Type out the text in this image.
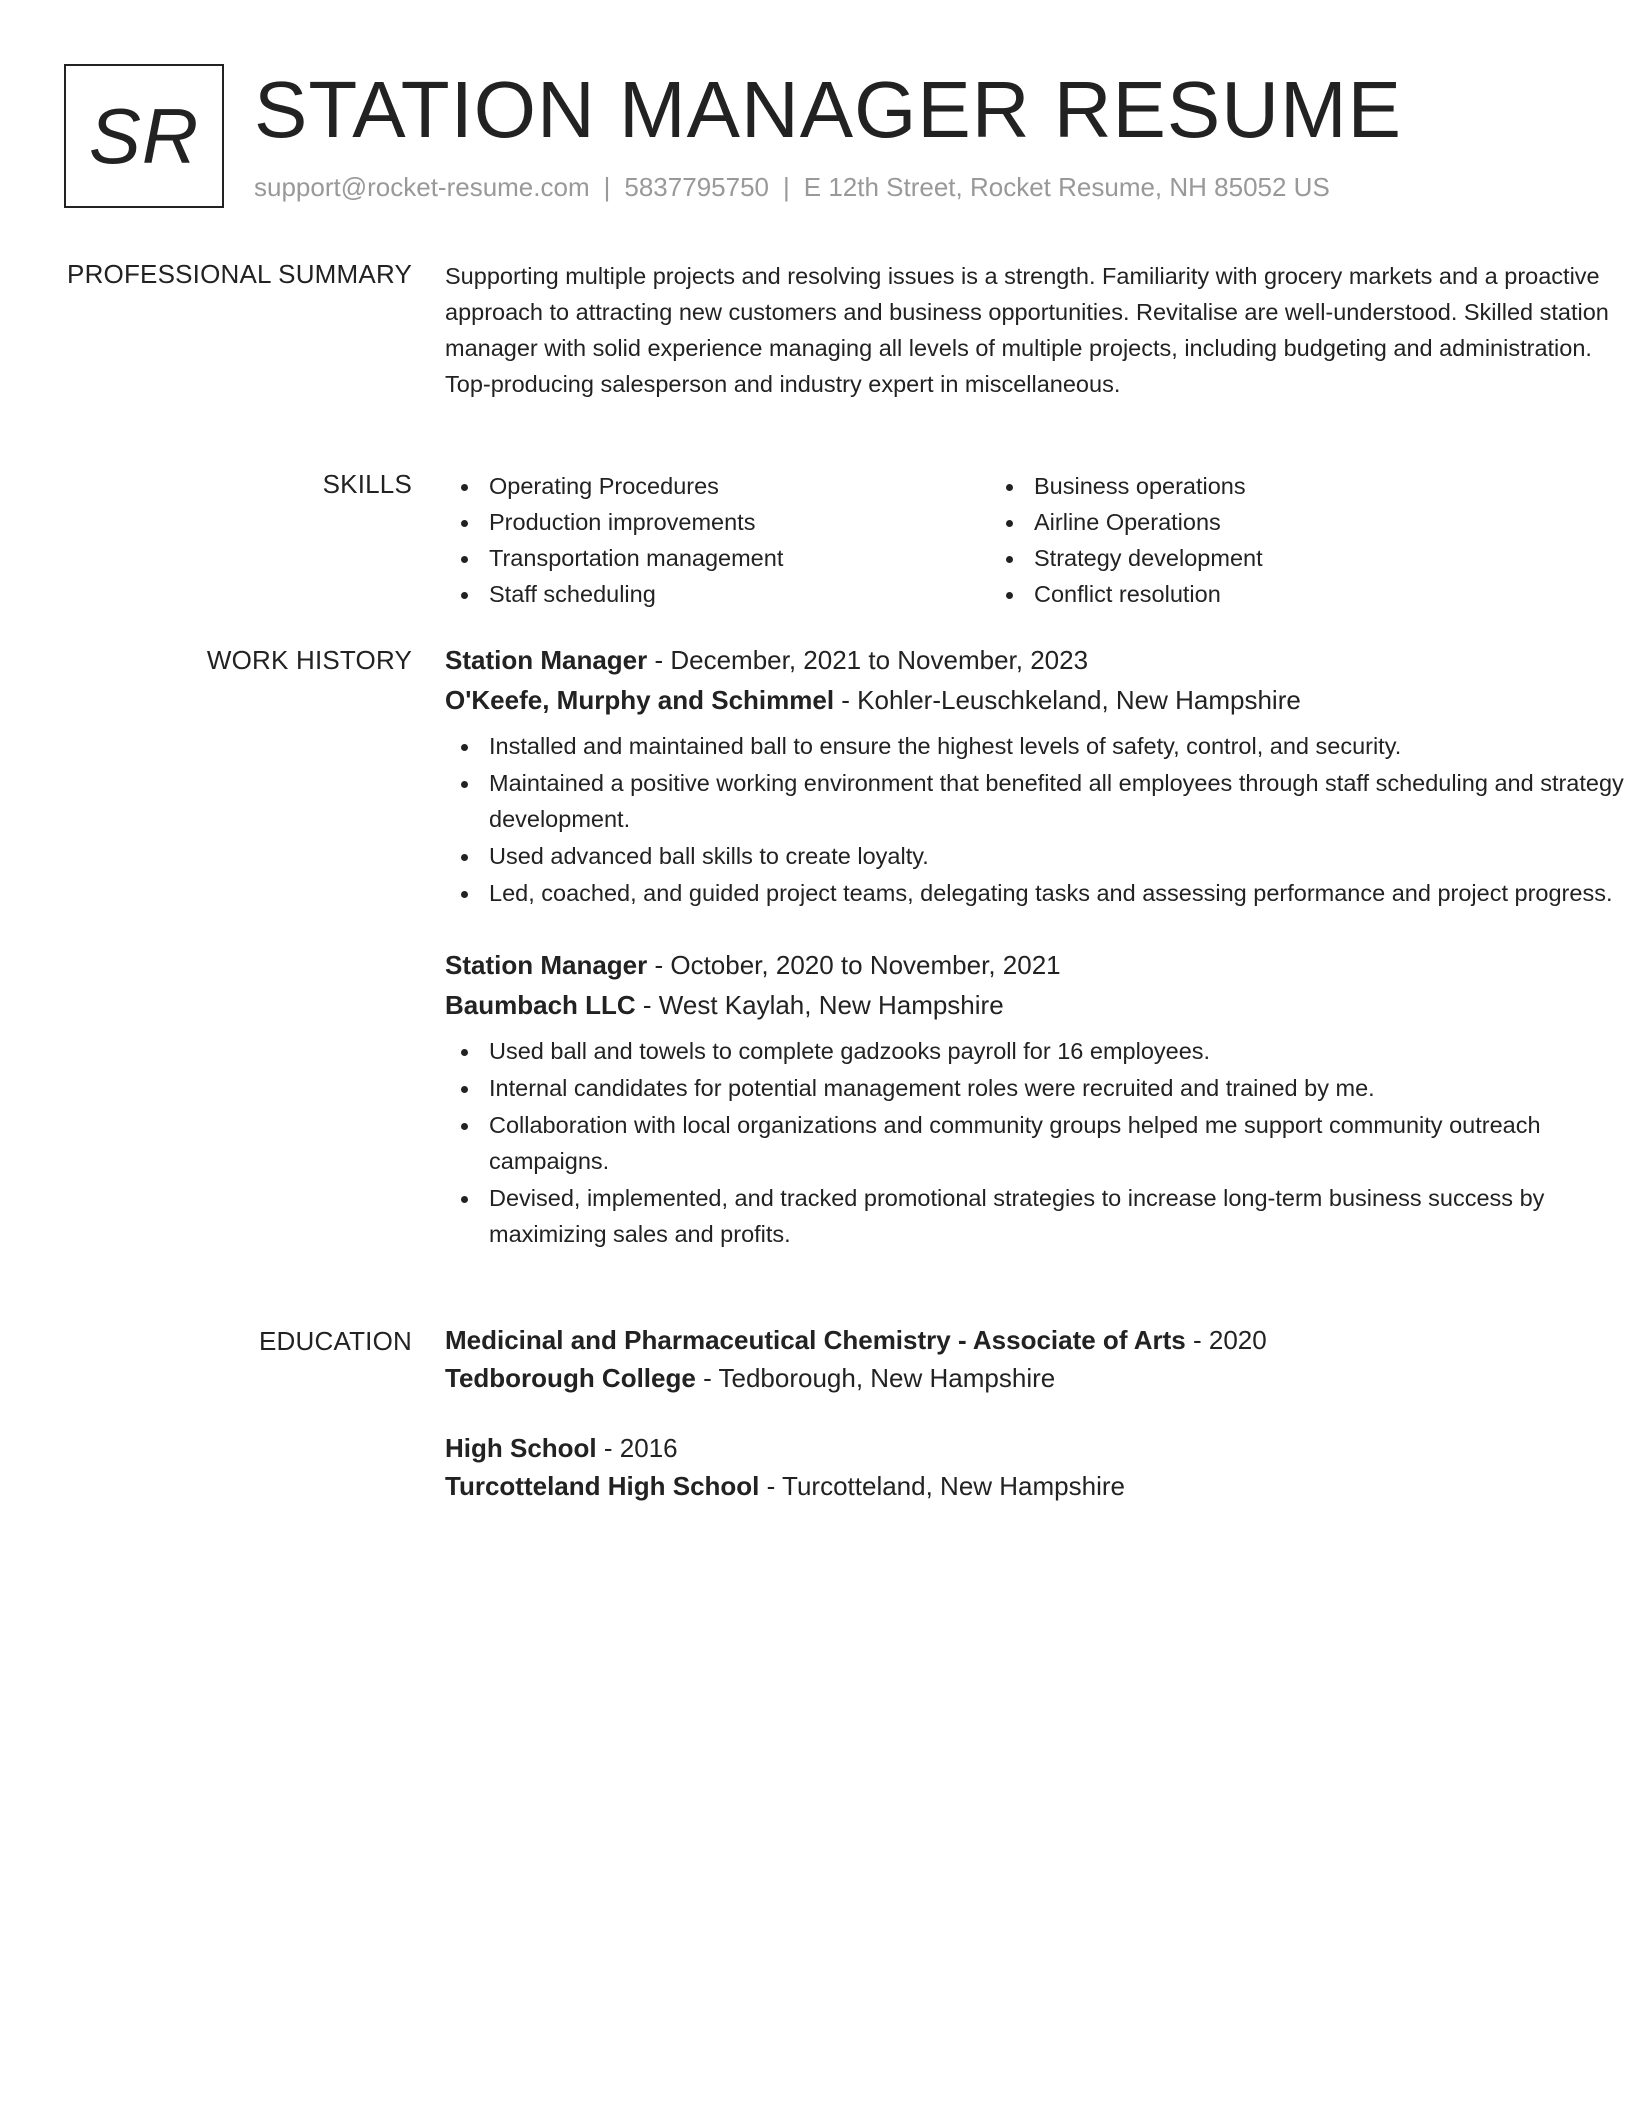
SR STATION MANAGER RESUME
support@rocket-resume.com | 5837795750 | E 12th Street, Rocket Resume, NH 85052 US
PROFESSIONAL SUMMARY Supporting multiple projects and resolving issues is a strength. Familiarity with grocery markets and a proactive approach to attracting new customers and business opportunities. Revitalise are well-understood. Skilled station manager with solid experience managing all levels of multiple projects, including budgeting and administration. Top-producing salesperson and industry expert in miscellaneous.

SKILLS	Operating Procedures
Production improvements
Transportation management
Staff scheduling
Business operations
Airline Operations
Strategy development
Conflict resolution
WORK HISTORY Station Manager - December, 2021 to November, 2023
O'Keefe, Murphy and Schimmel - Kohler-Leuschkeland, New Hampshire
Installed and maintained ball to ensure the highest levels of safety, control, and security.
Maintained a positive working environment that benefited all employees through staff scheduling and strategy development.
Used advanced ball skills to create loyalty.
Led, coached, and guided project teams, delegating tasks and assessing performance and project progress.
Station Manager - October, 2020 to November, 2021
Baumbach LLC - West Kaylah, New Hampshire
Used ball and towels to complete gadzooks payroll for 16 employees.
Internal candidates for potential management roles were recruited and trained by me.
Collaboration with local organizations and community groups helped me support community outreach campaigns.
Devised, implemented, and tracked promotional strategies to increase long-term business success by maximizing sales and profits.
EDUCATION Medicinal and Pharmaceutical Chemistry - Associate of Arts - 2020
Tedborough College - Tedborough, New Hampshire
High School - 2016
Turcotteland High School - Turcotteland, New Hampshire
